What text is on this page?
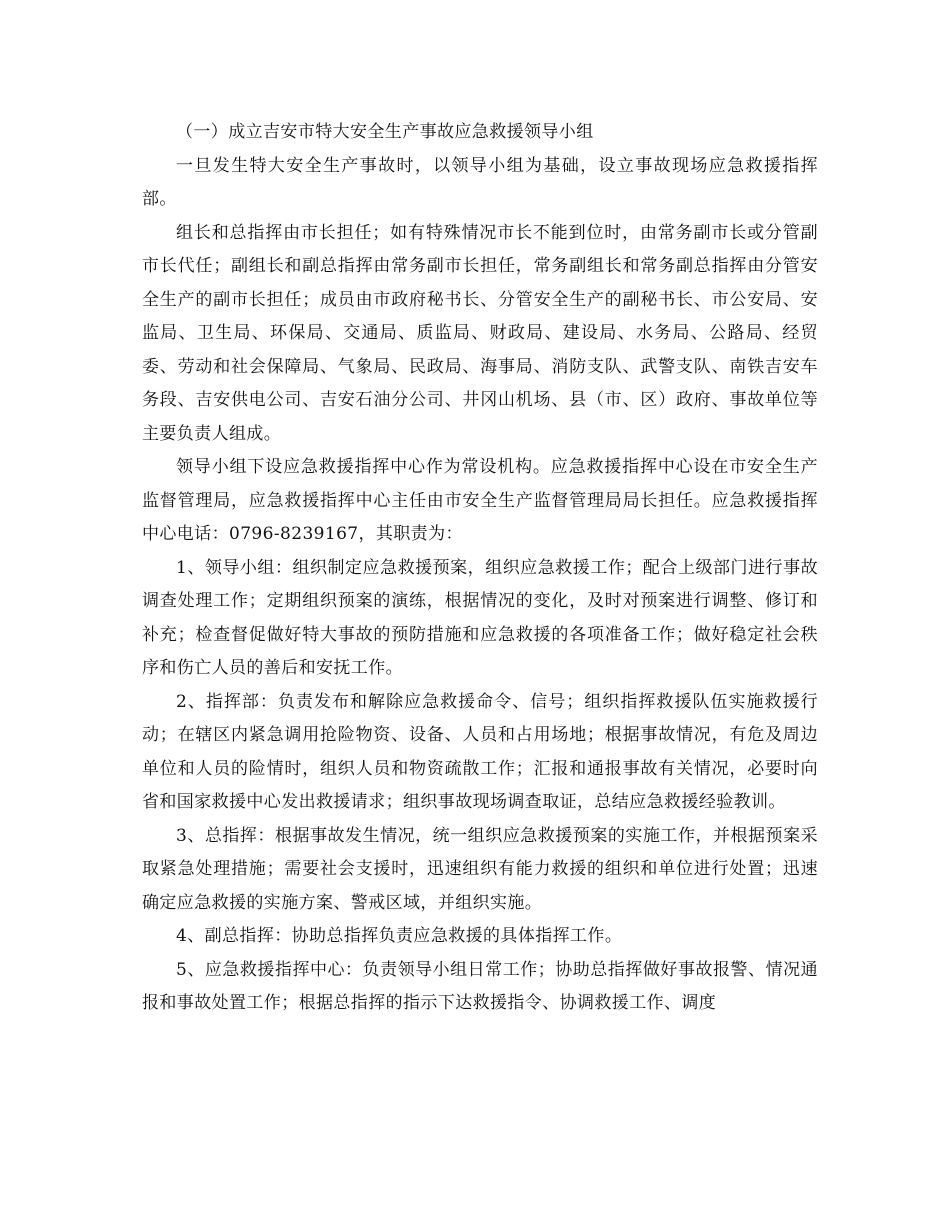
（一）成立吉安市特大安全生产事故应急救援领导小组

一旦发生特大安全生产事故时，以领导小组为基础，设立事故现场应急救援指挥部。

组长和总指挥由市长担任；如有特殊情况市长不能到位时，由常务副市长或分管副市长代任；副组长和副总指挥由常务副市长担任，常务副组长和常务副总指挥由分管安全生产的副市长担任；成员由市政府秘书长、分管安全生产的副秘书长、市公安局、安监局、卫生局、环保局、交通局、质监局、财政局、建设局、水务局、公路局、经贸委、劳动和社会保障局、气象局、民政局、海事局、消防支队、武警支队、南铁吉安车务段、吉安供电公司、吉安石油分公司、井冈山机场、县（市、区）政府、事故单位等主要负责人组成。

领导小组下设应急救援指挥中心作为常设机构。应急救援指挥中心设在市安全生产监督管理局，应急救援指挥中心主任由市安全生产监督管理局局长担任。应急救援指挥中心电话：0796-8239167，其职责为：

1、领导小组：组织制定应急救援预案，组织应急救援工作；配合上级部门进行事故调查处理工作；定期组织预案的演练，根据情况的变化，及时对预案进行调整、修订和补充；检查督促做好特大事故的预防措施和应急救援的各项准备工作；做好稳定社会秩序和伤亡人员的善后和安抚工作。

2、指挥部：负责发布和解除应急救援命令、信号；组织指挥救援队伍实施救援行动；在辖区内紧急调用抢险物资、设备、人员和占用场地；根据事故情况，有危及周边单位和人员的险情时，组织人员和物资疏散工作；汇报和通报事故有关情况，必要时向省和国家救援中心发出救援请求；组织事故现场调查取证，总结应急救援经验教训。

3、总指挥：根据事故发生情况，统一组织应急救援预案的实施工作，并根据预案采取紧急处理措施；需要社会支援时，迅速组织有能力救援的组织和单位进行处置；迅速确定应急救援的实施方案、警戒区域，并组织实施。

4、副总指挥：协助总指挥负责应急救援的具体指挥工作。

5、应急救援指挥中心：负责领导小组日常工作；协助总指挥做好事故报警、情况通报和事故处置工作；根据总指挥的指示下达救援指令、协调救援工作、调度
